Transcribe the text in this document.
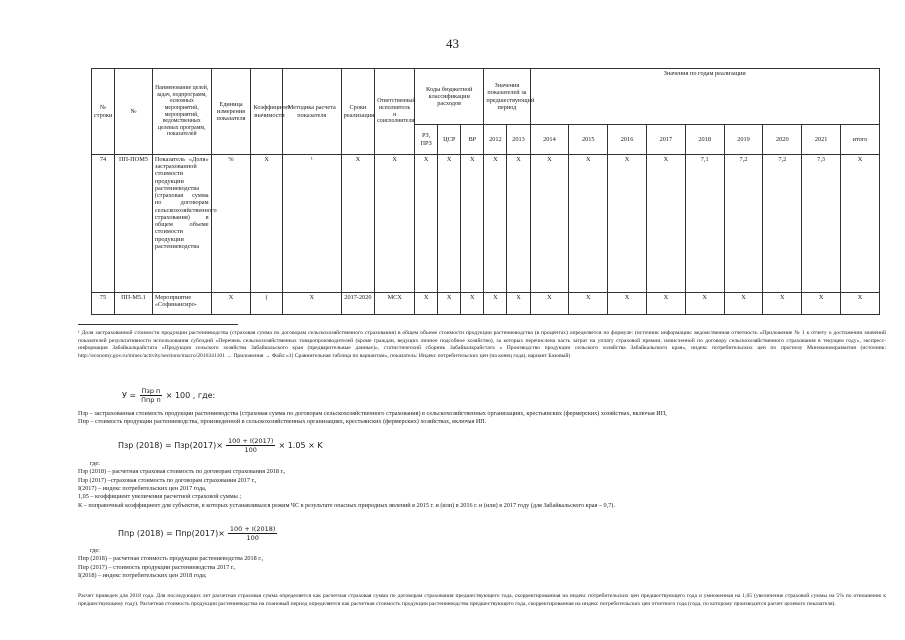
43
№ строки	№	Наименование целей, задач, подпрограмм, основных мероприятий, мероприятий, ведомственных целевых программ, показателей	Единица измерения показателя	Коэффициент значимости	Методика расчета показателя	Сроки реализации	Ответственный исполнитель и соисполнители	Коды бюджетной классификации расходов			Значения показателей за предшествующий период		Значения по годам реализации								
								РЗ, ПРЗ	ЦСР	ВР	2012	2013	2014	2015	2016	2017	2018	2019	2020	2021	итого
74	ПП-ПОМ5	Показатель «Доля» застрахованной стоимости продукции растениеводства (страховая сумма по договорам сельскохозяйственного страхования) в общем объеме стоимости продукции растениеводства	%	X	¹	X	X	X	X	X	X	X	X	X	X	X	7,1	7,2	7,2	7,3	X
75	ПП-М5.1	Мероприятие «Софинансиро-	X	(	X	2017-2020	МСХ	X	X	X	X	X	X	X	X	X	X	X	X	X	X
¹ Доля застрахованной стоимости продукции растениеводства (страховая сумма по договорам сельскохозяйственного страхования) в общем объеме стоимости продукции растениеводства (в процентах) определяется по формуле: (источник информации: ведомственная отчетность «Приложение № 1 к отчету о достижении значений показателей результативности использования субсидий «Перечень сельскохозяйственных товаропроизводителей (кроме граждан, ведущих личное подсобное хозяйство), за которых перечислена часть затрат на уплату страховой премии, начисленной по договору сельскохозяйственного страхования в текущем году», экспресс-информация Забайкалкрайстата «Продукция сельского хозяйства Забайкальского края (предварительные данные)», статистический сборник Забайкалкрайстата « Производство продукции сельского хозяйства Забайкальского края», индекс потребительских цен по прогнозу Минэкономразвития (источник: http://economy.gov.ru/minec/activity/sections/macro/2016341101 → Приложения → Файл «1) Сравнительная таблица по вариантам», показатель: Индекс потребительских цен (на конец года), вариант Базовый)
$У = \frac{\text{Пзр п}}{\text{Ппр п}} \times 100$ , где:
Пзр – застрахованная стоимость продукции растениеводства (страховая сумма по договорам сельскохозяйственного страхования) в сельскохозяйственных организациях, крестьянских (фермерских) хозяйствах, включая ИП,
Ппр – стоимость продукции растениеводства, произведенной в сельскохозяйственных организациях, крестьянских (фермерских) хозяйствах, включая ИП.
Пзр $(2018) = Пзр(2017)\times \frac{100 + I(2017)}{100} \times 1.05 \times K$
где:
Пзр (2018) – расчетная страховая стоимость по договорам страхования 2018 г.,
Пзр (2017) –страховая стоимость по договорам страхования 2017 г.,
I(2017) – индекс потребительских цен 2017 года,
1,05 – коэффициент увеличения расчетной страховой суммы ;
К – поправочный коэффициент для субъектов, в которых устанавливался режим ЧС в результате опасных природных явлений в 2015 г. и (или) в 2016 г. и (или) в 2017 году (для Забайкальского края – 0,7).
Ппр $(2018) = Ппр(2017)\times \frac{100 + I(2018)}{100}$
где:
Ппр (2018) – расчетная стоимость продукции растениеводства 2018 г.,
Ппр (2017) – стоимость продукции растениеводства 2017 г.,
I(2018) – индекс потребительских цен 2018 года;
Расчет приведен для 2018 года. Для последующих лет расчетная страховая сумма определяется как расчетная страховая сумма по договорам страхования предшествующего года, скорректированная на индекс потребительских цен предшествующего года и умноженная на 1,05 (увеличение страховой суммы на 5% по отношению к предшествующему году). Расчетная стоимость продукции растениеводства на плановый период определяется как расчетная стоимость продукции растениеводства предшествующего года, скорректированная на индекс потребительских цен отчетного года (года, по которому производится расчет целевого показателя).
